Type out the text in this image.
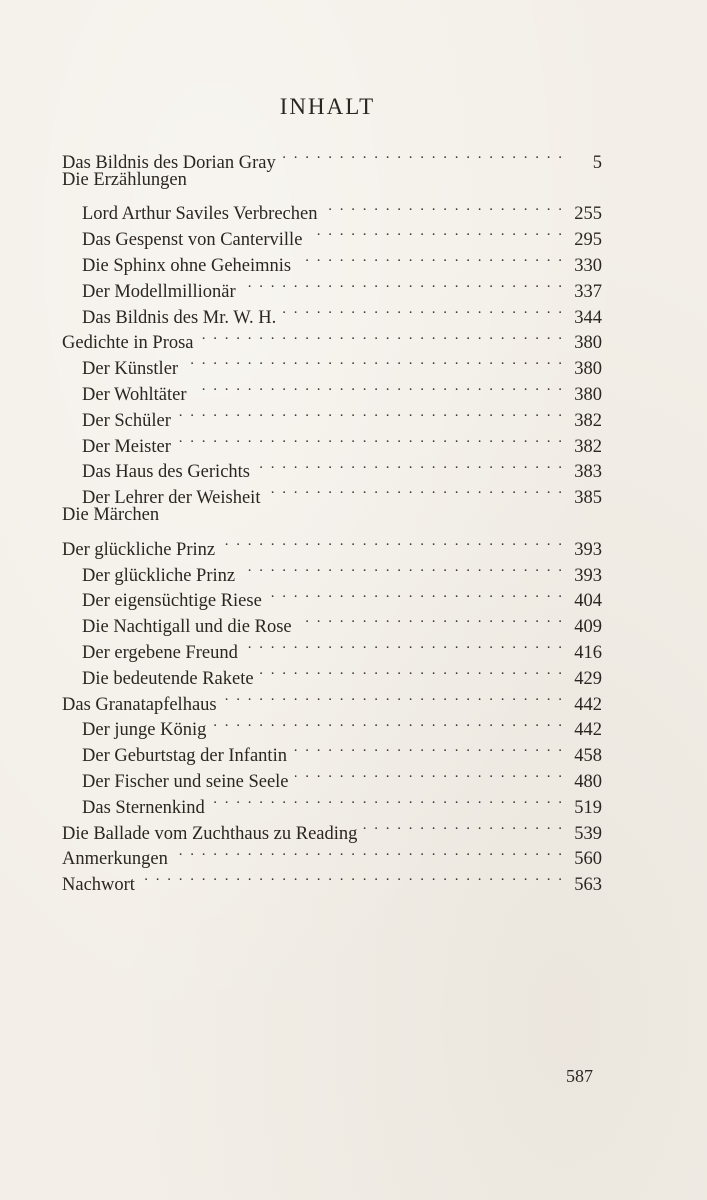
INHALT
Das Bildnis des Dorian Gray . . .	5
Die Erzählungen
Lord Arthur Saviles Verbrechen . . .	255
Das Gespenst von Canterville . . .	295
Die Sphinx ohne Geheimnis . . .	330
Der Modellmillionär . . .	337
Das Bildnis des Mr. W. H. . . .	344
Gedichte in Prosa . . .	380
Der Künstler . . .	380
Der Wohltäter . . .	380
Der Schüler . . .	382
Der Meister . . .	382
Das Haus des Gerichts . . .	383
Der Lehrer der Weisheit . . .	385
Die Märchen
Der glückliche Prinz . . .	393
Der glückliche Prinz . . .	393
Der eigensüchtige Riese . . .	404
Die Nachtigall und die Rose . . .	409
Der ergebene Freund . . .	416
Die bedeutende Rakete . . .	429
Das Granatapfelhaus . . .	442
Der junge König . . .	442
Der Geburtstag der Infantin . . .	458
Der Fischer und seine Seele . . .	480
Das Sternenkind . . .	519
Die Ballade vom Zuchthaus zu Reading . . .	539
Anmerkungen . . .	560
Nachwort . . .	563
587
